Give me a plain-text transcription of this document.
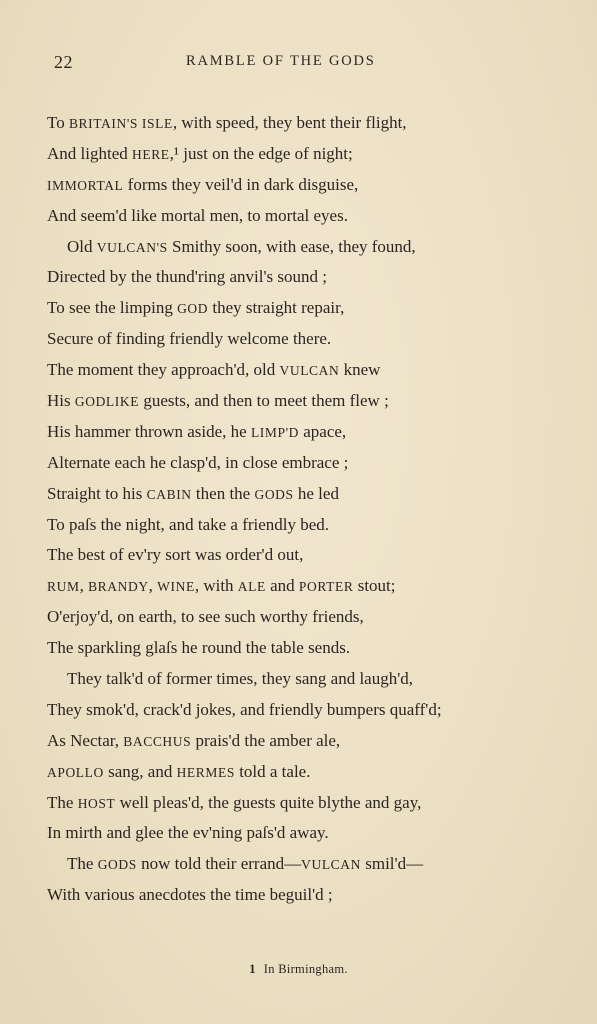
22	RAMBLE OF THE GODS
To BRITAIN'S ISLE, with speed, they bent their flight,
And lighted HERE,¹ just on the edge of night;
IMMORTAL forms they veil'd in dark disguise,
And seem'd like mortal men, to mortal eyes.
Old VULCAN'S Smithy soon, with ease, they found,
Directed by the thund'ring anvil's sound ;
To see the limping GOD they straight repair,
Secure of finding friendly welcome there.
The moment they approach'd, old VULCAN knew
His GODLIKE guests, and then to meet them flew ;
His hammer thrown aside, he LIMP'D apace,
Alternate each he clasp'd, in close embrace ;
Straight to his CABIN then the GODS he led
To paſs the night, and take a friendly bed.
The best of ev'ry sort was order'd out,
RUM, BRANDY, WINE, with ALE and PORTER stout;
O'erjoy'd, on earth, to see such worthy friends,
The sparkling glaſs he round the table sends.
They talk'd of former times, they sang and laugh'd,
They smok'd, crack'd jokes, and friendly bumpers quaff'd;
As Nectar, BACCHUS prais'd the amber ale,
APOLLO sang, and HERMES told a tale.
The HOST well pleas'd, the guests quite blythe and gay,
In mirth and glee the ev'ning paſs'd away.
The GODS now told their errand—VULCAN smil'd—
With various anecdotes the time beguil'd ;
1 In Birmingham.
